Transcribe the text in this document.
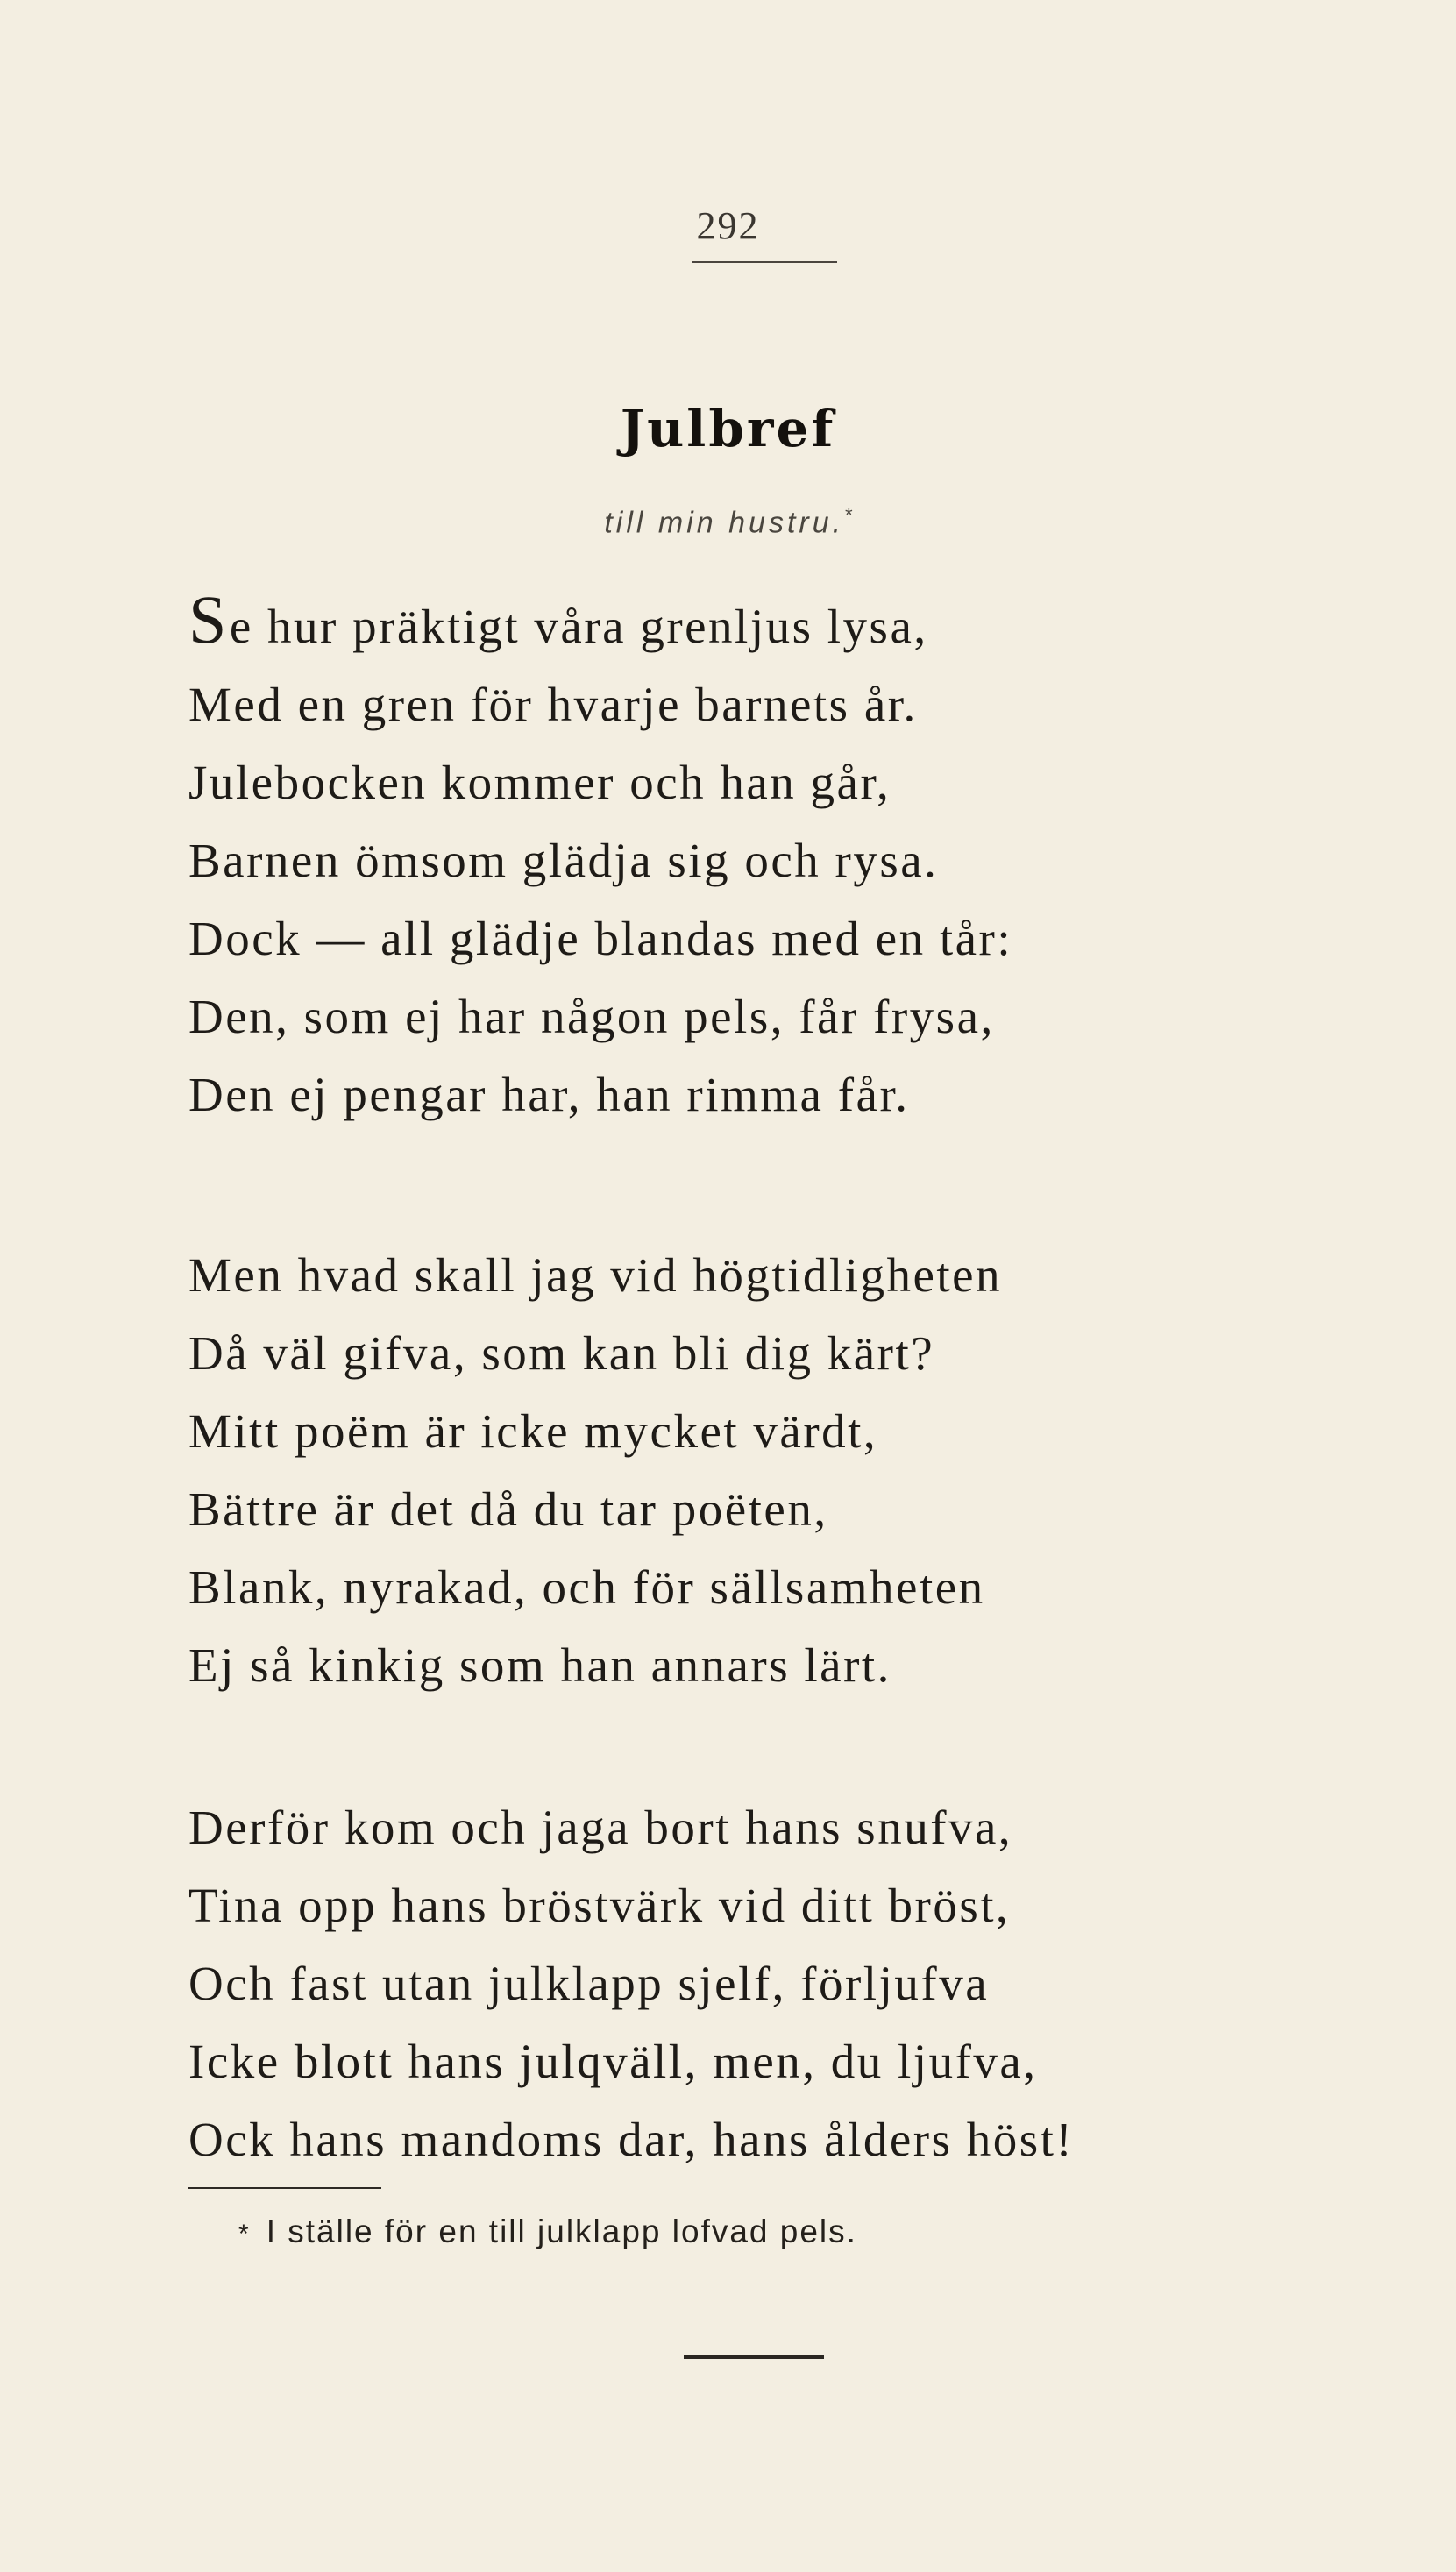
292
Julbref
till min hustru.*
Se hur präktigt våra grenljus lysa,
Med en gren för hvarje barnets år.
Julebocken kommer och han går,
Barnen ömsom glädja sig och rysa.
Dock — all glädje blandas med en tår:
Den, som ej har någon pels, får frysa,
Den ej pengar har, han rimma får.
Men hvad skall jag vid högtidligheten
Då väl gifva, som kan bli dig kärt?
Mitt poëm är icke mycket värdt,
Bättre är det då du tar poëten,
Blank, nyrakad, och för sällsamheten
Ej så kinkig som han annars lärt.
Derför kom och jaga bort hans snufva,
Tina opp hans bröstvärk vid ditt bröst,
Och fast utan julklapp sjelf, förljufva
Icke blott hans julqväll, men, du ljufva,
Ock hans mandoms dar, hans ålders höst!
* I ställe för en till julklapp lofvad pels.
